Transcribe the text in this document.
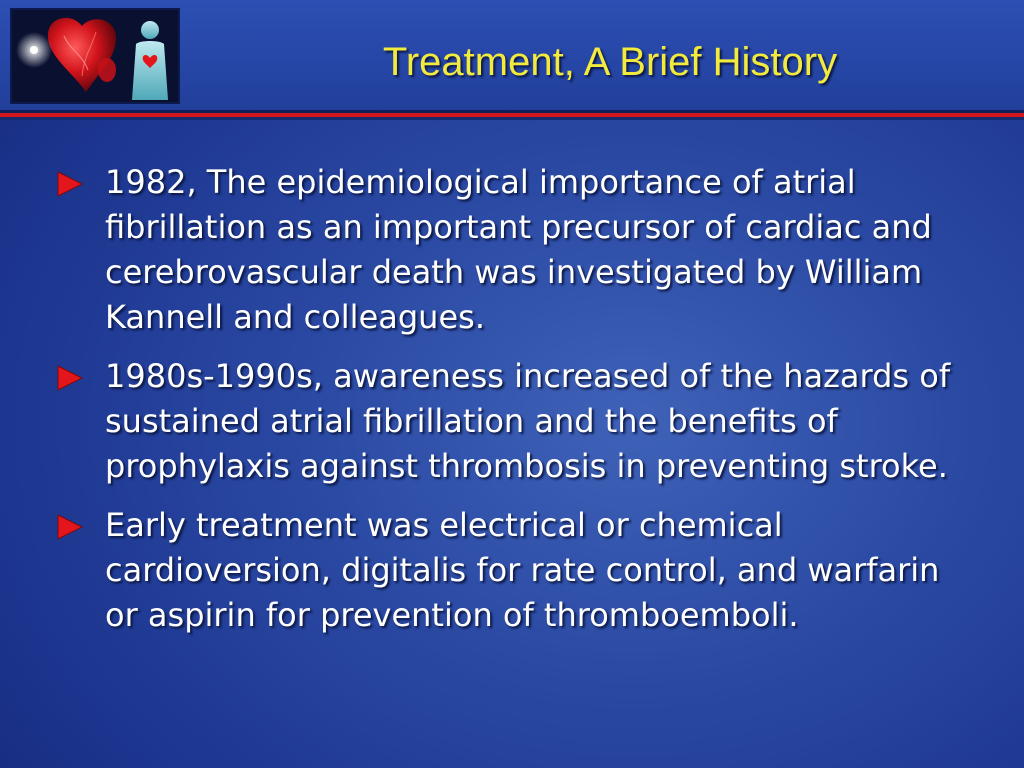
Treatment, A Brief History
1982, The epidemiological importance of atrial fibrillation as an important precursor of cardiac and cerebrovascular death was investigated by William Kannell and colleagues.
1980s-1990s, awareness increased of the hazards of sustained atrial fibrillation and the benefits of prophylaxis against thrombosis in preventing stroke.
Early treatment was electrical or chemical cardioversion, digitalis for rate control, and warfarin or aspirin for prevention of thromboemboli.
